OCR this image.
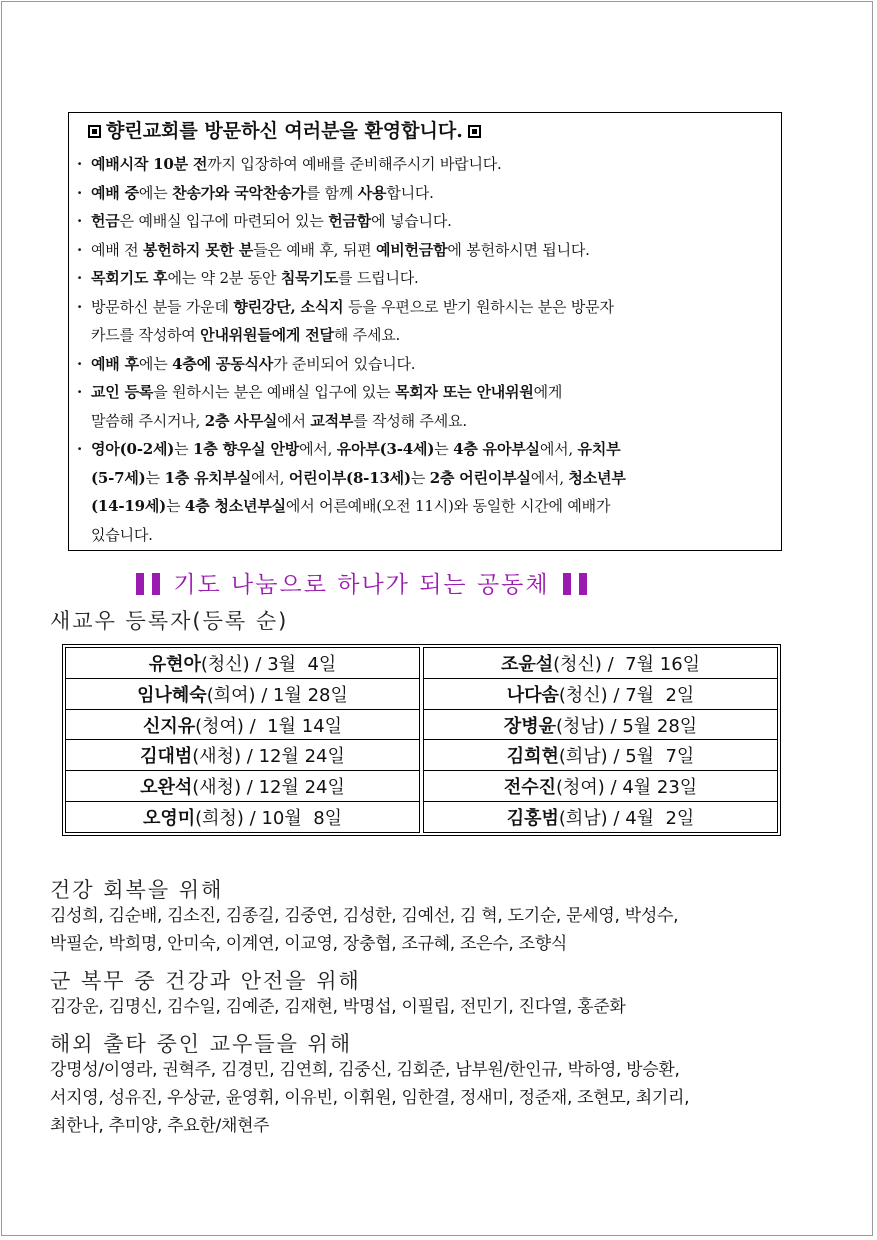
향린교회를 방문하신 여러분을 환영합니다.
· 예배시작 10분 전까지 입장하여 예배를 준비해주시기 바랍니다.
· 예배 중에는 찬송가와 국악찬송가를 함께 사용합니다.
· 헌금은 예배실 입구에 마련되어 있는 헌금함에 넣습니다.
· 예배 전 봉헌하지 못한 분들은 예배 후, 뒤편 예비헌금함에 봉헌하시면 됩니다.
· 목회기도 후에는 약 2분 동안 침묵기도를 드립니다.
· 방문하신 분들 가운데 향린강단, 소식지 등을 우편으로 받기 원하시는 분은 방문자
카드를 작성하여 안내위원들에게 전달해 주세요.
· 예배 후에는 4층에 공동식사가 준비되어 있습니다.
· 교인 등록을 원하시는 분은 예배실 입구에 있는 목회자 또는 안내위원에게
말씀해 주시거나, 2층 사무실에서 교적부를 작성해 주세요.
· 영아(0-2세)는 1층 향우실 안방에서, 유아부(3-4세)는 4층 유아부실에서, 유치부
(5-7세)는 1층 유치부실에서, 어린이부(8-13세)는 2층 어린이부실에서, 청소년부
(14-19세)는 4층 청소년부실에서 어른예배(오전 11시)와 동일한 시간에 예배가
있습니다.
기도 나눔으로 하나가 되는 공동체
새교우 등록자(등록 순)
유현아 (청신) / 3월  4일
임나혜숙 (희여) / 1월 28일
신지유 (청여) /  1월 14일
김대범 (새청) / 12월 24일
오완석 (새청) / 12월 24일
오영미 (희청) / 10월  8일
조윤설 (청신) /  7월 16일
나다솜 (청신) / 7월  2일
장병윤 (청남) / 5월 28일
김희현 (희남) / 5월  7일
전수진 (청여) / 4월 23일
김홍범 (희남) / 4월  2일
건강 회복을 위해
김성희, 김순배, 김소진, 김종길, 김중연, 김성한, 김예선, 김 혁, 도기순, 문세영, 박성수,
박필순, 박희명, 안미숙, 이계연, 이교영, 장충협, 조규혜, 조은수, 조향식
군 복무 중 건강과 안전을 위해
김강운, 김명신, 김수일, 김예준, 김재현, 박명섭, 이필립, 전민기, 진다열, 홍준화
해외 출타 중인 교우들을 위해
강명성/이영라, 권혁주, 김경민, 김연희, 김중신, 김회준, 남부원/한인규, 박하영, 방승환,
서지영, 성유진, 우상균, 윤영휘, 이유빈, 이휘원, 임한결, 정새미, 정준재, 조현모, 최기리,
최한나, 추미양, 추요한/채현주
